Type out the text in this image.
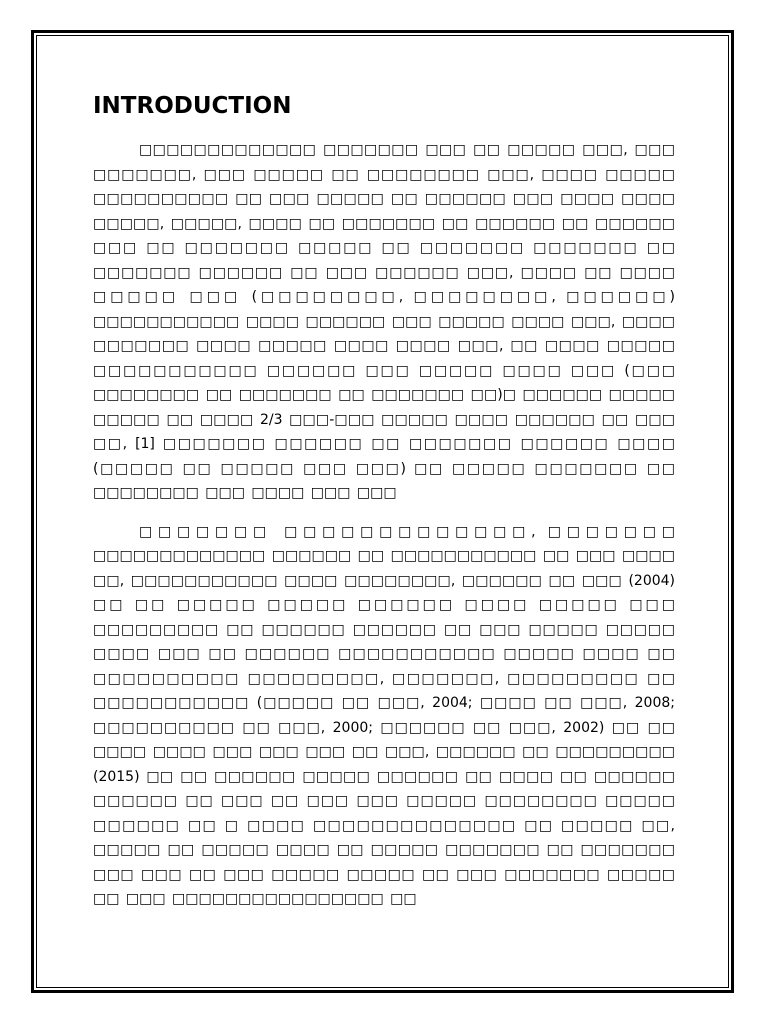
INTRODUCTION

□□□□□□□□□□□□□ □□□□□□□ □□□ □□ □□□□□ □□□, □□□ □□□□□□□, □□□ □□□□□ □□ □□□□□□□□ □□□, □□□□ □□□□□ □□□□□□□□□□ □□ □□□ □□□□□ □□ □□□□□□ □□□ □□□□ □□□□ □□□□□, □□□□□, □□□□ □□ □□□□□□□ □□ □□□□□□ □□ □□□□□□ □□□ □□ □□□□□□□ □□□□□ □□ □□□□□□□ □□□□□□□ □□ □□□□□□□ □□□□□□ □□ □□□ □□□□□□ □□□, □□□□ □□ □□□□ □□□□□ □□□ (□□□□□□□□, □□□□□□□□, □□□□□□) □□□□□□□□□□□ □□□□ □□□□□□ □□□ □□□□□ □□□□ □□□, □□□□ □□□□□□□ □□□□ □□□□□ □□□□ □□□□ □□□, □□ □□□□ □□□□□ □□□□□□□□□□□ □□□□□□ □□□ □□□□□ □□□□ □□□ (□□□ □□□□□□□□ □□ □□□□□□□ □□ □□□□□□□ □□)□ □□□□□□ □□□□□ □□□□□ □□ □□□□ 2/3 □□□-□□□ □□□□□ □□□□ □□□□□□ □□ □□□ □□, [1] □□□□□□□ □□□□□□ □□ □□□□□□□ □□□□□□ □□□□ (□□□□□ □□ □□□□□ □□□ □□□) □□ □□□□□ □□□□□□□ □□ □□□□□□□□ □□□ □□□□ □□□ □□□

□□□□□□□ □□□□□□□□□□□□□, □□□□□□□ □□□□□□□□□□□□□ □□□□□□ □□ □□□□□□□□□□□ □□ □□□ □□□□ □□, □□□□□□□□□□□ □□□□ □□□□□□□□, □□□□□□ □□ □□□ (2004) □□ □□ □□□□□ □□□□□ □□□□□□ □□□□ □□□□□ □□□ □□□□□□□□□ □□ □□□□□□ □□□□□□ □□ □□□ □□□□□ □□□□□ □□□□ □□□ □□ □□□□□□ □□□□□□□□□□□ □□□□□ □□□□ □□ □□□□□□□□□□ □□□□□□□□□, □□□□□□□, □□□□□□□□□ □□ □□□□□□□□□□□ (□□□□□ □□ □□□, 2004; □□□□ □□ □□□, 2008; □□□□□□□□□□ □□ □□□, 2000; □□□□□□ □□ □□□, 2002) □□ □□ □□□□ □□□□ □□□ □□□ □□□ □□ □□□, □□□□□□ □□ □□□□□□□□□ (2015) □□ □□ □□□□□□ □□□□□ □□□□□□ □□ □□□□ □□ □□□□□□ □□□□□□ □□ □□□ □□ □□□ □□□ □□□□□ □□□□□□□□ □□□□□ □□□□□□ □□ □ □□□□ □□□□□□□□□□□□□□ □□ □□□□□ □□, □□□□□ □□ □□□□□ □□□□ □□ □□□□□ □□□□□□□ □□ □□□□□□□ □□□ □□□ □□ □□□ □□□□□ □□□□□ □□ □□□ □□□□□□□ □□□□□ □□ □□□ □□□□□□□□□□□□□□□□ □□
